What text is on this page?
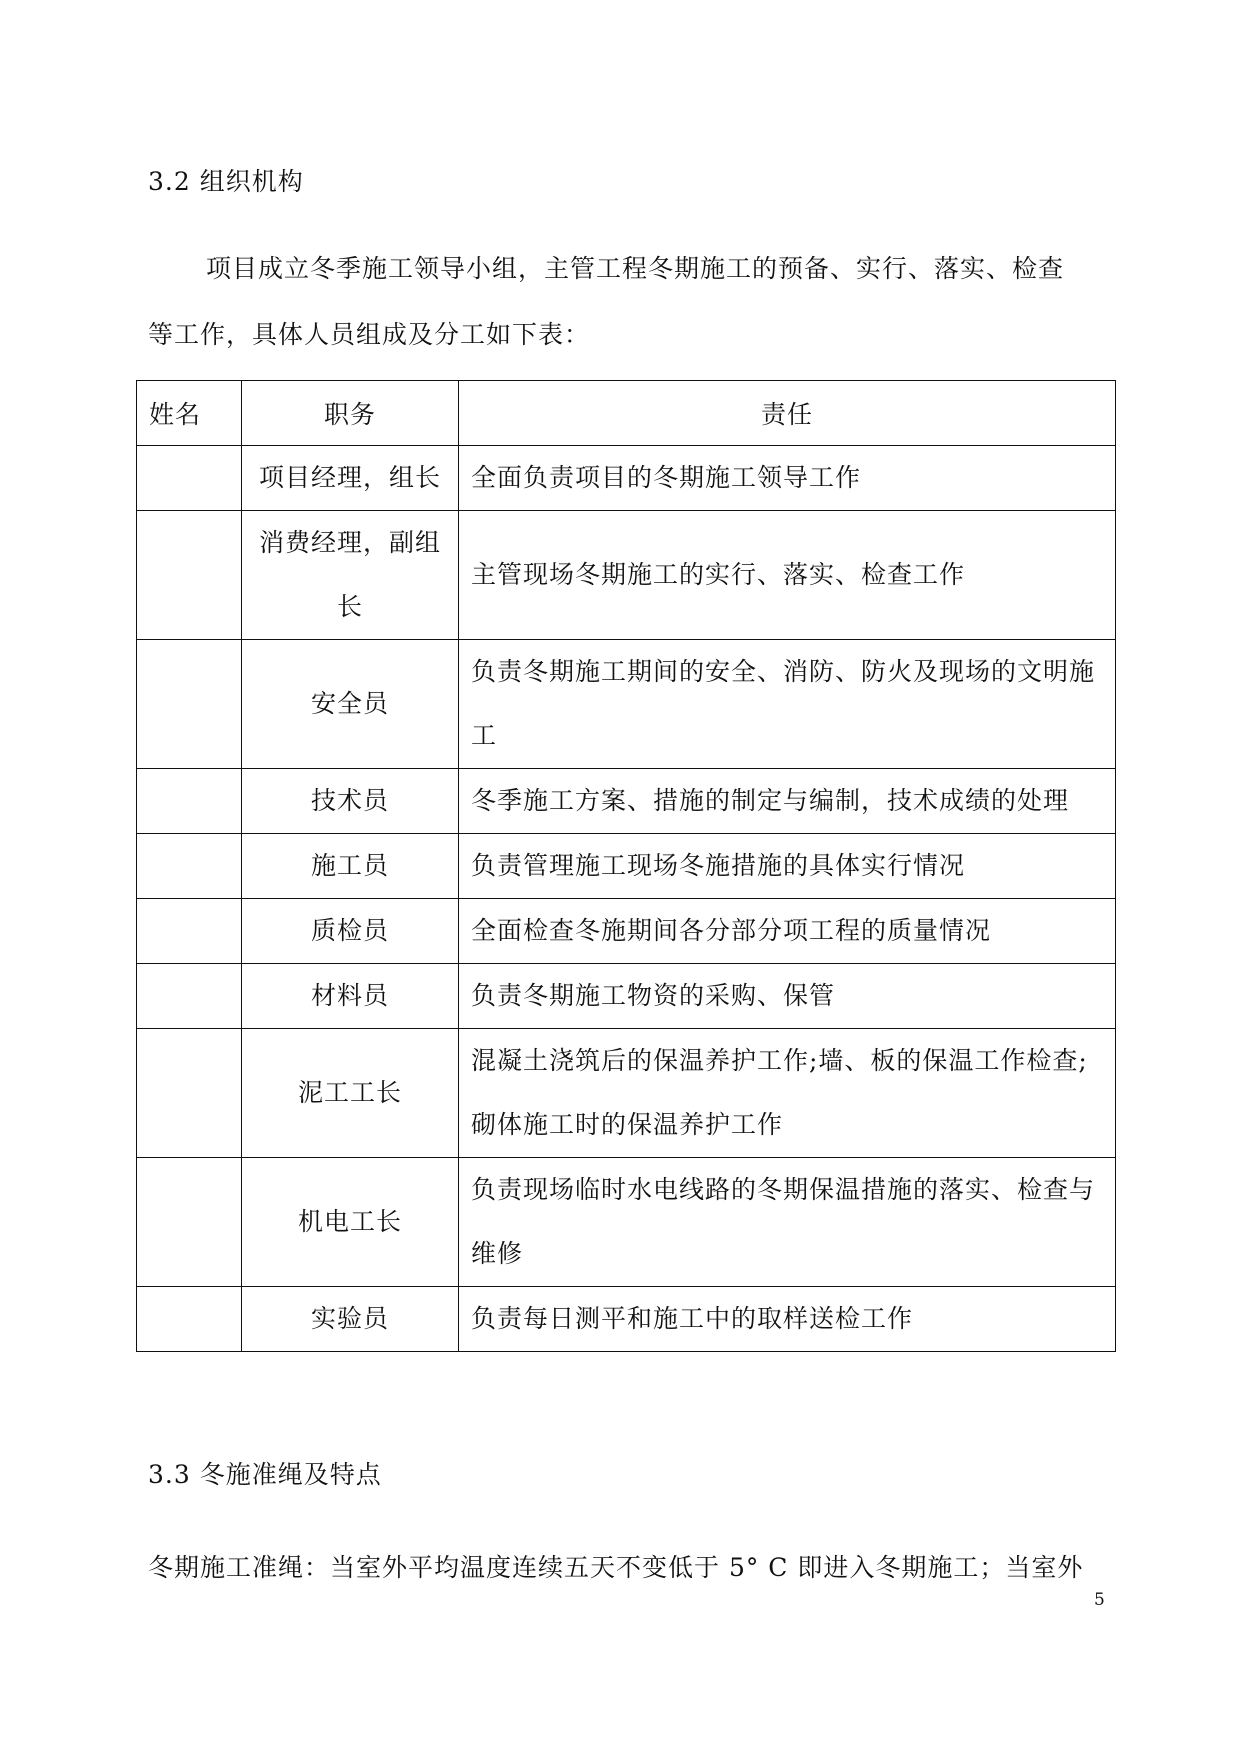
3.2 组织机构
项目成立冬季施工领导小组，主管工程冬期施工的预备、实行、落实、检查
等工作，具体人员组成及分工如下表：
姓名	职务	责任
	项目经理，组长	全面负责项目的冬期施工领导工作
	消费经理，副组长	主管现场冬期施工的实行、落实、检查工作
	安全员	负责冬期施工期间的安全、消防、防火及现场的文明施工
	技术员	冬季施工方案、措施的制定与编制，技术成绩的处理
	施工员	负责管理施工现场冬施措施的具体实行情况
	质检员	全面检查冬施期间各分部分项工程的质量情况
	材料员	负责冬期施工物资的采购、保管
	泥工工长	混凝土浇筑后的保温养护工作;墙、板的保温工作检查;砌体施工时的保温养护工作
	机电工长	负责现场临时水电线路的冬期保温措施的落实、检查与维修
	实验员	负责每日测平和施工中的取样送检工作
3.3 冬施准绳及特点
冬期施工准绳：当室外平均温度连续五天不变低于 5° C 即进入冬期施工；当室外
5
